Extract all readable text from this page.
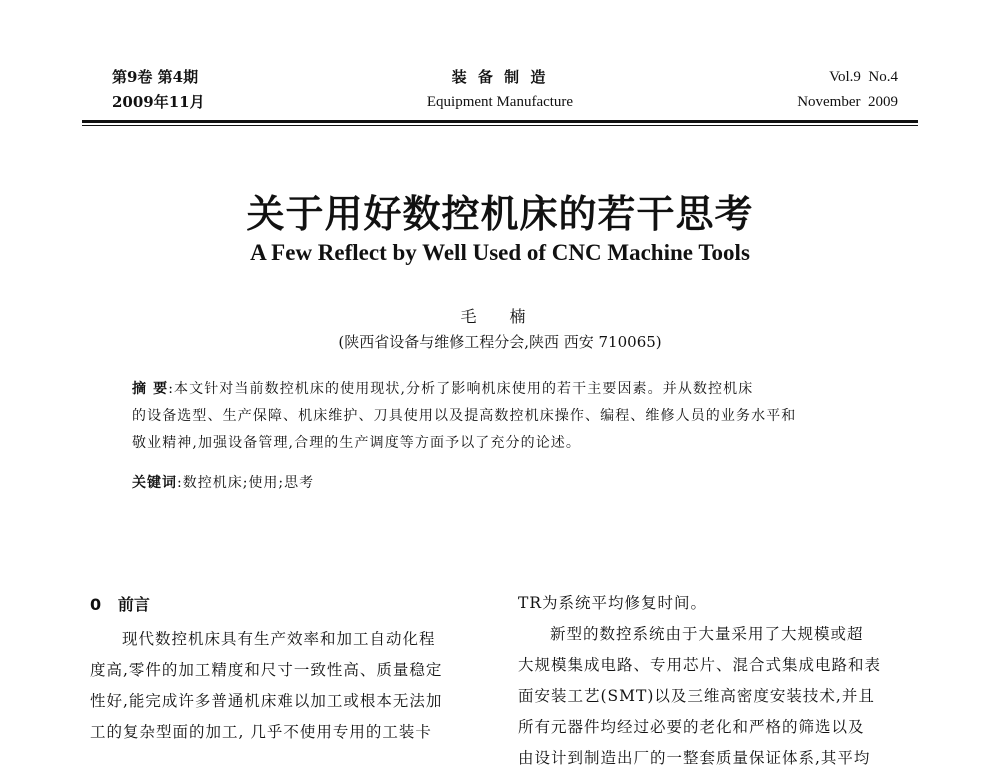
第9卷 第4期
2009年11月
装 备 制 造
Equipment Manufacture
Vol.9  No.4
November  2009
关于用好数控机床的若干思考
A Few Reflect by Well Used of CNC Machine Tools
毛 楠
(陕西省设备与维修工程分会,陕西 西安 710065)
摘 要:本文针对当前数控机床的使用现状,分析了影响机床使用的若干主要因素。并从数控机床
的设备选型、生产保障、机床维护、刀具使用以及提高数控机床操作、编程、维修人员的业务水平和
敬业精神,加强设备管理,合理的生产调度等方面予以了充分的论述。
关键词:数控机床;使用;思考
0 前言
现代数控机床具有生产效率和加工自动化程
度高,零件的加工精度和尺寸一致性高、质量稳定
性好,能完成许多普通机床难以加工或根本无法加
工的复杂型面的加工, 几乎不使用专用的工装卡
TR为系统平均修复时间。
新型的数控系统由于大量采用了大规模或超
大规模集成电路、专用芯片、混合式集成电路和表
面安装工艺(SMT)以及三维高密度安装技术,并且
所有元器件均经过必要的老化和严格的筛选以及
由设计到制造出厂的一整套质量保证体系,其平均
